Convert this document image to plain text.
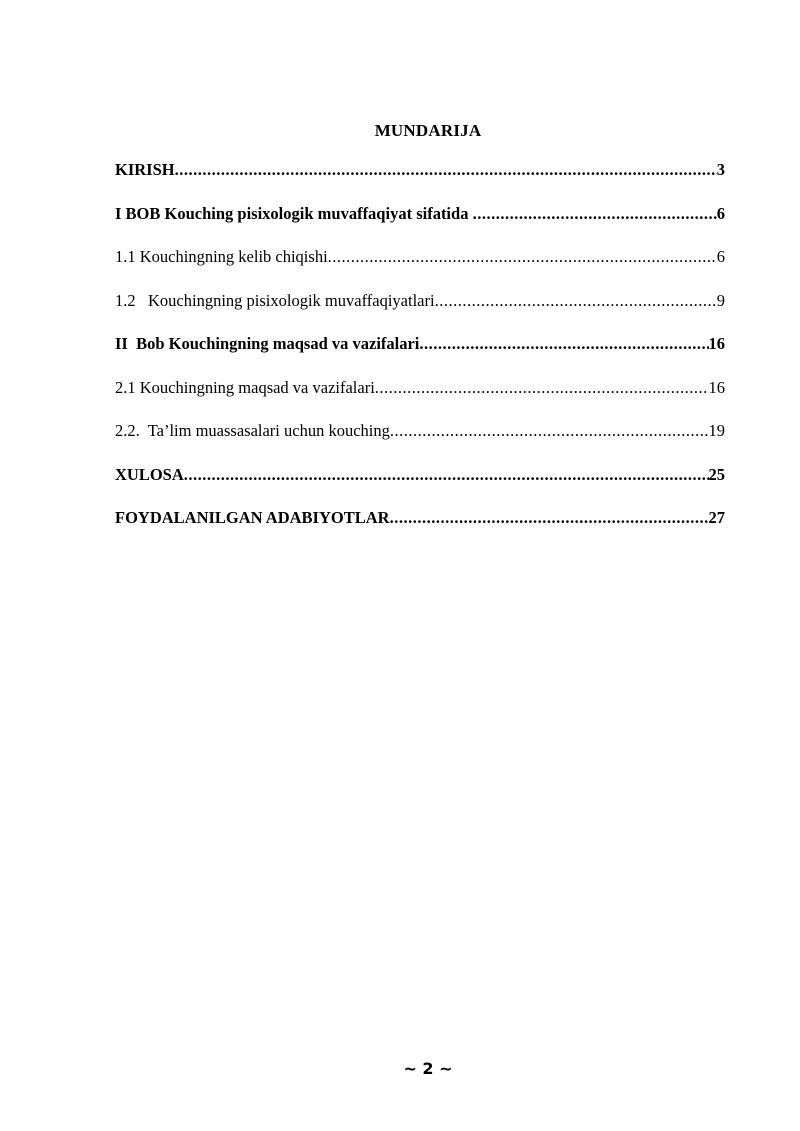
MUNDARIJA
KIRISH .....	3
I BOB Kouching pisixologik muvaffaqiyat sifatida .....	6
1.1 Kouchingning kelib chiqishi .....	6
1.2   Kouchingning pisixologik muvaffaqiyatlari .....	9
II  Bob Kouchingning maqsad va vazifalari .....	16
2.1 Kouchingning maqsad va vazifalari .....	16
2.2.  Ta’lim muassasalari uchun kouching .....	19
XULOSA .....	25
FOYDALANILGAN ADABIYOTLAR .....	27
~ 2 ~
